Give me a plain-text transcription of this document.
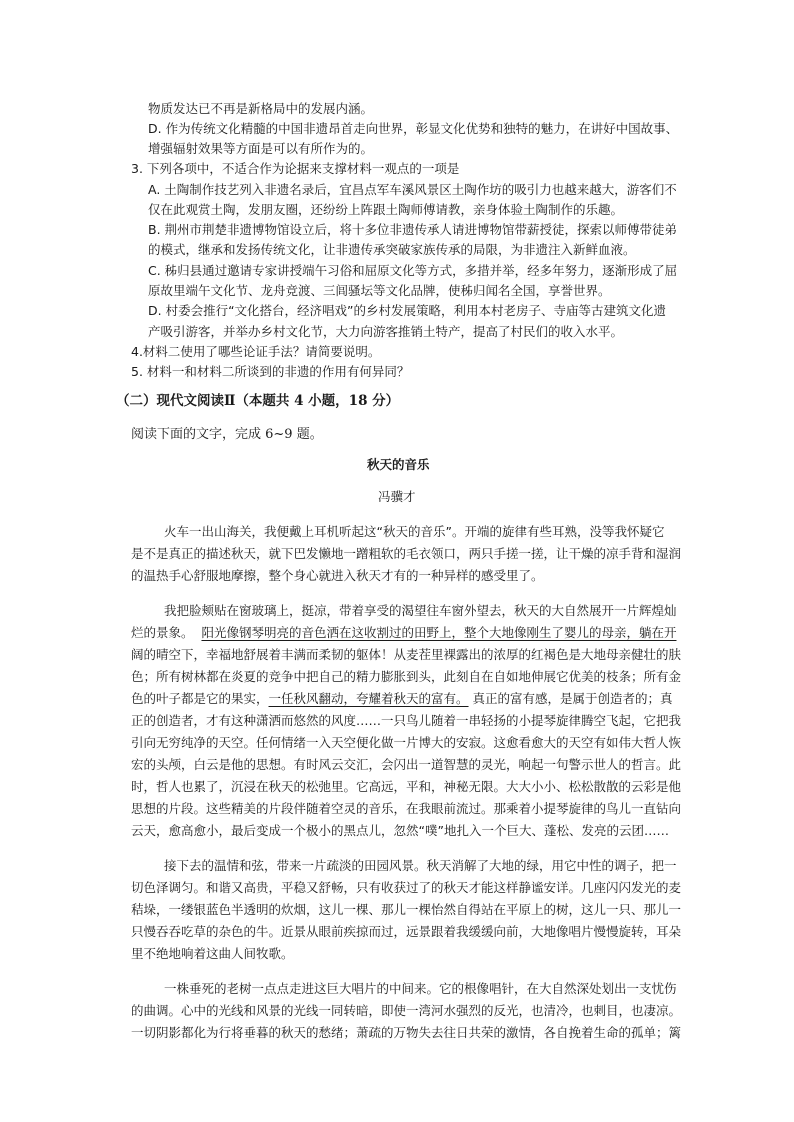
物质发达已不再是新格局中的发展内涵。
D. 作为传统文化精髓的中国非遗昂首走向世界，彰显文化优势和独特的魅力，在讲好中国故事、
增强辐射效果等方面是可以有所作为的。
3. 下列各项中，不适合作为论据来支撑材料一观点的一项是
A. 土陶制作技艺列入非遗名录后，宜昌点军车溪风景区土陶作坊的吸引力也越来越大，游客们不
仅在此观赏土陶，发朋友圈，还纷纷上阵跟土陶师傅请教，亲身体验土陶制作的乐趣。
B. 荆州市荆楚非遗博物馆设立后，将十多位非遗传承人请进博物馆带薪授徒，探索以师傅带徒弟
的模式，继承和发扬传统文化，让非遗传承突破家族传承的局限，为非遗注入新鲜血液。
C. 秭归县通过邀请专家讲授端午习俗和屈原文化等方式，多措并举，经多年努力，逐渐形成了屈
原故里端午文化节、龙舟竞渡、三闾骚坛等文化品牌，使秭归闻名全国，享誉世界。
D. 村委会推行“文化搭台，经济唱戏”的乡村发展策略，利用本村老房子、寺庙等古建筑文化遗
产吸引游客，并举办乡村文化节，大力向游客推销土特产，提高了村民们的收入水平。
4.材料二使用了哪些论证手法？请简要说明。
5. 材料一和材料二所谈到的非遗的作用有何异同？
（二）现代文阅读Ⅱ（本题共 4 小题，18 分）
阅读下面的文字，完成 6~9 题。
秋天的音乐
冯骥才
火车一出山海关，我便戴上耳机听起这“秋天的音乐”。开端的旋律有些耳熟，没等我怀疑它
是不是真正的描述秋天，就下巴发懒地一蹭粗软的毛衣领口，两只手搓一搓，让干燥的凉手背和湿润
的温热手心舒服地摩擦，整个身心就进入秋天才有的一种异样的感受里了。
我把脸颊贴在窗玻璃上，挺凉，带着享受的渴望往车窗外望去，秋天的大自然展开一片辉煌灿
烂的景象。 阳光像钢琴明亮的音色洒在这收割过的田野上，整个大地像刚生了婴儿的母亲，躺在开
阔的晴空下，幸福地舒展着丰满而柔韧的躯体！从麦茬里裸露出的浓厚的红褐色是大地母亲健壮的肤
色；所有树林都在炎夏的竞争中把自己的精力膨胀到头，此刻自在自如地伸展它优美的枝条；所有金
色的叶子都是它的果实，一任秋风翻动，夸耀着秋天的富有。 真正的富有感，是属于创造者的；真
正的创造者，才有这种潇洒而悠然的风度……一只鸟儿随着一串轻扬的小提琴旋律腾空飞起，它把我
引向无穷纯净的天空。任何情绪一入天空便化做一片博大的安寂。这愈看愈大的天空有如伟大哲人恢
宏的头颅，白云是他的思想。有时风云交汇，会闪出一道智慧的灵光，响起一句警示世人的哲言。此
时，哲人也累了，沉浸在秋天的松弛里。它高远，平和，神秘无限。大大小小、松松散散的云彩是他
思想的片段。这些精美的片段伴随着空灵的音乐，在我眼前流过。那乘着小提琴旋律的鸟儿一直钻向
云天，愈高愈小，最后变成一个极小的黑点儿，忽然“噗”地扎入一个巨大、蓬松、发亮的云团……
接下去的温情和弦，带来一片疏淡的田园风景。秋天消解了大地的绿，用它中性的调子，把一
切色泽调匀。和谐又高贵，平稳又舒畅，只有收获过了的秋天才能这样静谧安详。几座闪闪发光的麦
秸垛，一缕银蓝色半透明的炊烟，这儿一棵、那儿一棵怡然自得站在平原上的树，这儿一只、那儿一
只慢吞吞吃草的杂色的牛。近景从眼前疾掠而过，远景跟着我缓缓向前，大地像唱片慢慢旋转，耳朵
里不绝地响着这曲人间牧歌。
一株垂死的老树一点点走进这巨大唱片的中间来。它的根像唱针，在大自然深处划出一支忧伤
的曲调。心中的光线和风景的光线一同转暗，即使一湾河水强烈的反光，也清冷，也刺目，也凄凉。
一切阴影都化为行将垂暮的秋天的愁绪；萧疏的万物失去往日共荣的激情，各自挽着生命的孤单；篱
